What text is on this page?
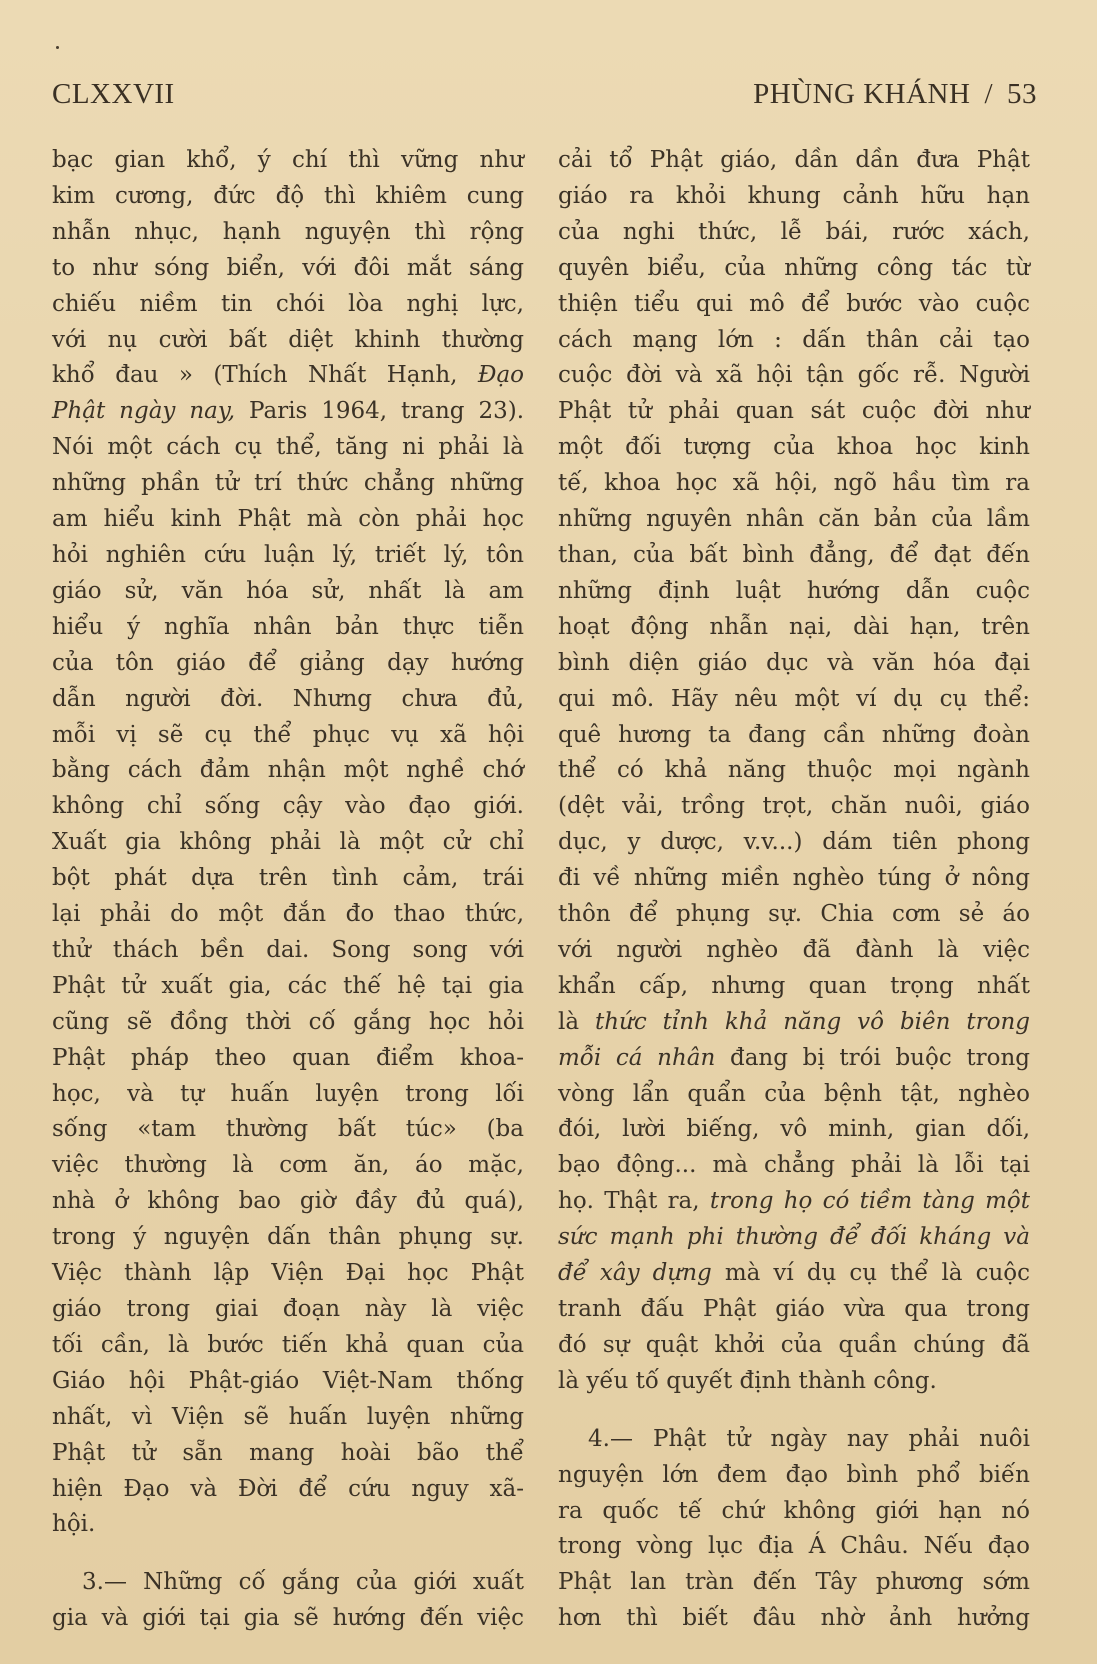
CLXXVII	PHÙNG KHÁNH / 53
bạc gian khổ, ý chí thì vững như
kim cương, đức độ thì khiêm cung
nhẫn nhục, hạnh nguyện thì rộng
to như sóng biển, với đôi mắt sáng
chiếu niềm tin chói lòa nghị lực,
với nụ cười bất diệt khinh thường
khổ đau » (Thích Nhất Hạnh, Đạo
Phật ngày nay, Paris 1964, trang 23).
Nói một cách cụ thể, tăng ni phải là
những phần tử trí thức chẳng những
am hiểu kinh Phật mà còn phải học
hỏi nghiên cứu luận lý, triết lý, tôn
giáo sử, văn hóa sử, nhất là am
hiểu ý nghĩa nhân bản thực tiễn
của tôn giáo để giảng dạy hướng
dẫn người đời. Nhưng chưa đủ,
mỗi vị sẽ cụ thể phục vụ xã hội
bằng cách đảm nhận một nghề chớ
không chỉ sống cậy vào đạo giới.
Xuất gia không phải là một cử chỉ
bột phát dựa trên tình cảm, trái
lại phải do một đắn đo thao thức,
thử thách bền dai. Song song với
Phật tử xuất gia, các thế hệ tại gia
cũng sẽ đồng thời cố gắng học hỏi
Phật pháp theo quan điểm khoa-
học, và tự huấn luyện trong lối
sống «tam thường bất túc» (ba
việc thường là cơm ăn, áo mặc,
nhà ở không bao giờ đầy đủ quá),
trong ý nguyện dấn thân phụng sự.
Việc thành lập Viện Đại học Phật
giáo trong giai đoạn này là việc
tối cần, là bước tiến khả quan của
Giáo hội Phật-giáo Việt-Nam thống
nhất, vì Viện sẽ huấn luyện những
Phật tử sẵn mang hoài bão thể
hiện Đạo và Đời để cứu nguy xã-
hội.
3.— Những cố gắng của giới xuất
gia và giới tại gia sẽ hướng đến việc
cải tổ Phật giáo, dần dần đưa Phật
giáo ra khỏi khung cảnh hữu hạn
của nghi thức, lễ bái, rước xách,
quyên biểu, của những công tác từ
thiện tiểu qui mô để bước vào cuộc
cách mạng lớn : dấn thân cải tạo
cuộc đời và xã hội tận gốc rễ. Người
Phật tử phải quan sát cuộc đời như
một đối tượng của khoa học kinh
tế, khoa học xã hội, ngõ hầu tìm ra
những nguyên nhân căn bản của lầm
than, của bất bình đẳng, để đạt đến
những định luật hướng dẫn cuộc
hoạt động nhẫn nại, dài hạn, trên
bình diện giáo dục và văn hóa đại
qui mô. Hãy nêu một ví dụ cụ thể:
quê hương ta đang cần những đoàn
thể có khả năng thuộc mọi ngành
(dệt vải, trồng trọt, chăn nuôi, giáo
dục, y dược, v.v...) dám tiên phong
đi về những miền nghèo túng ở nông
thôn để phụng sự. Chia cơm sẻ áo
với người nghèo đã đành là việc
khẩn cấp, nhưng quan trọng nhất
là thức tỉnh khả năng vô biên trong
mỗi cá nhân đang bị trói buộc trong
vòng lẩn quẩn của bệnh tật, nghèo
đói, lười biếng, vô minh, gian dối,
bạo động... mà chẳng phải là lỗi tại
họ. Thật ra, trong họ có tiềm tàng một
sức mạnh phi thường để đối kháng và
để xây dựng mà ví dụ cụ thể là cuộc
tranh đấu Phật giáo vừa qua trong
đó sự quật khởi của quần chúng đã
là yếu tố quyết định thành công.
4.— Phật tử ngày nay phải nuôi
nguyện lớn đem đạo bình phổ biến
ra quốc tế chứ không giới hạn nó
trong vòng lục địa Á Châu. Nếu đạo
Phật lan tràn đến Tây phương sớm
hơn thì biết đâu nhờ ảnh hưởng
